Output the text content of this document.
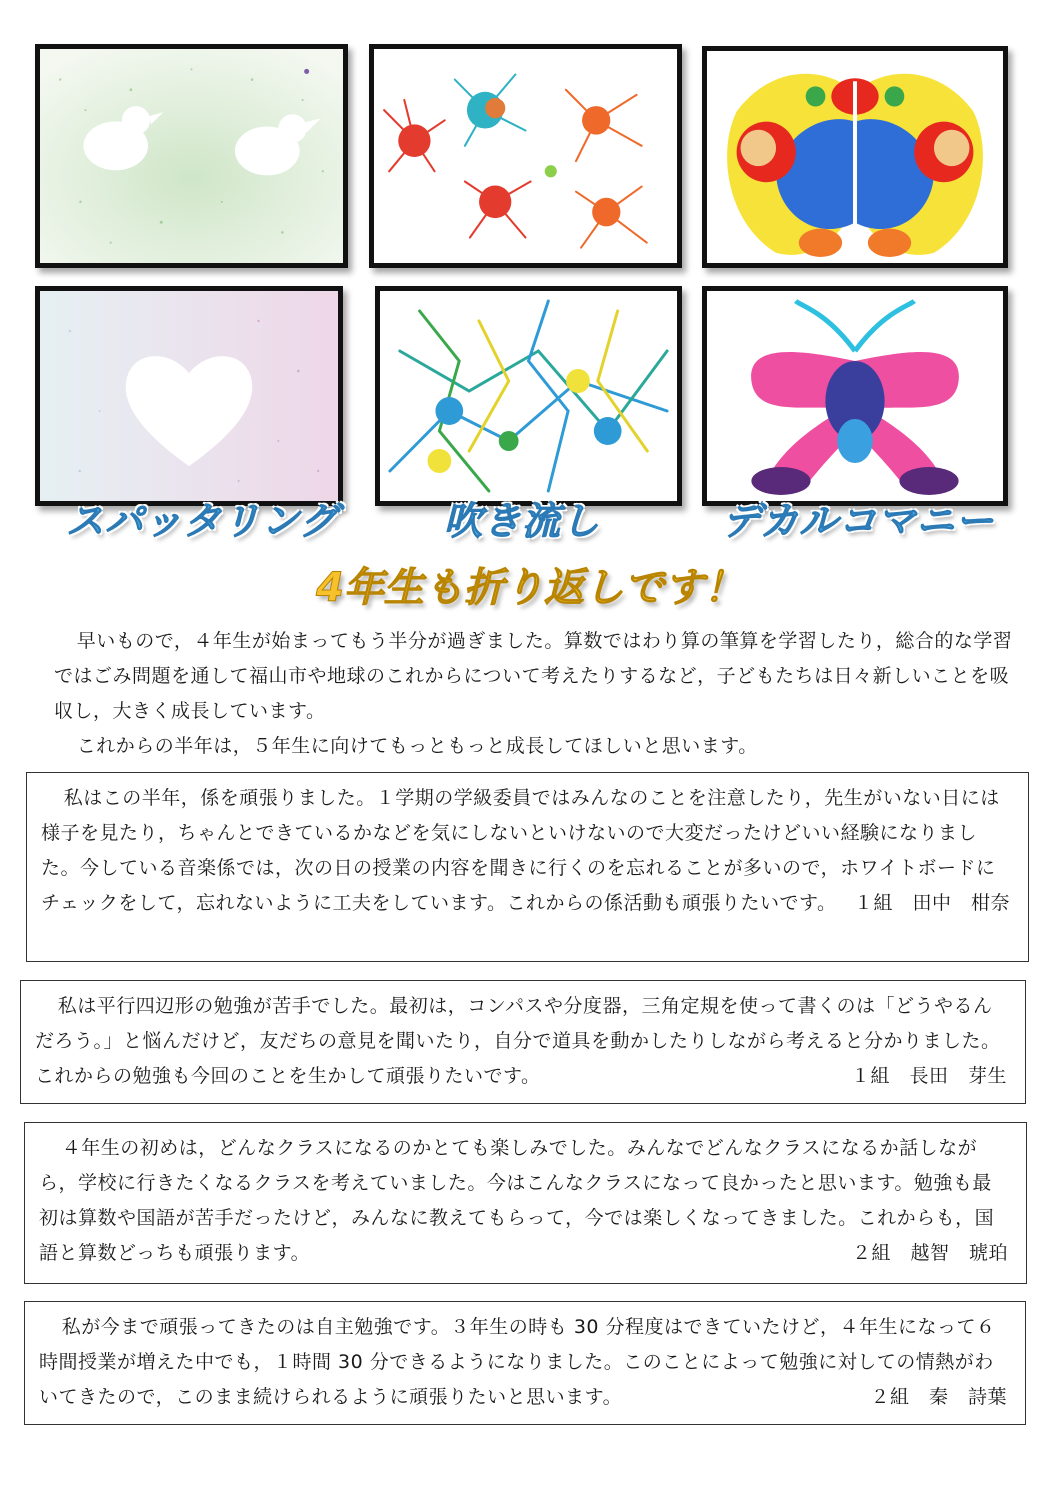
スパッタリング	吹き流し	デカルコマニー
4年生も折り返しです！

早いもので，４年生が始まってもう半分が過ぎました。算数ではわり算の筆算を学習したり，総合的な学習ではごみ問題を通して福山市や地球のこれからについて考えたりするなど，子どもたちは日々新しいことを吸収し，大きく成長しています。

これからの半年は，５年生に向けてもっともっと成長してほしいと思います。

私はこの半年，係を頑張りました。１学期の学級委員ではみんなのことを注意したり，先生がいない日には様子を見たり，ちゃんとできているかなどを気にしないといけないので大変だったけどいい経験になりました。今している音楽係では，次の日の授業の内容を聞きに行くのを忘れることが多いので，ホワイトボードにチェックをして，忘れないように工夫をしています。これからの係活動も頑張りたいです。 １組　田中　柑奈
私は平行四辺形の勉強が苦手でした。最初は，コンパスや分度器，三角定規を使って書くのは「どうやるんだろう。」と悩んだけど，友だちの意見を聞いたり，自分で道具を動かしたりしながら考えると分かりました。これからの勉強も今回のことを生かして頑張りたいです。	１組　長田　芽生
４年生の初めは，どんなクラスになるのかとても楽しみでした。みんなでどんなクラスになるか話しながら，学校に行きたくなるクラスを考えていました。今はこんなクラスになって良かったと思います。勉強も最初は算数や国語が苦手だったけど，みんなに教えてもらって，今では楽しくなってきました。これからも，国語と算数どっちも頑張ります。	２組　越智　琥珀
私が今まで頑張ってきたのは自主勉強です。３年生の時も 30 分程度はできていたけど，４年生になって６時間授業が増えた中でも，１時間 30 分できるようになりました。このことによって勉強に対しての情熱がわいてきたので，このまま続けられるように頑張りたいと思います。	２組　秦　詩葉
